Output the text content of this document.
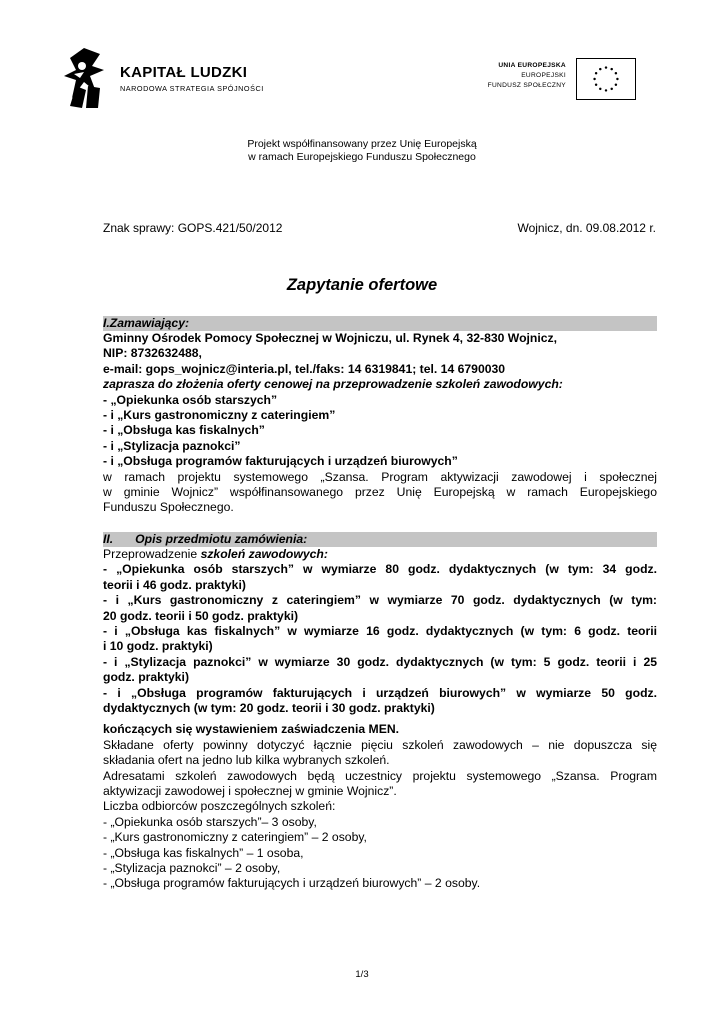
KAPITAŁ LUDZKI
NARODOWA STRATEGIA SPÓJNOŚCI
UNIA EUROPEJSKA
EUROPEJSKI
FUNDUSZ SPOŁECZNY
Projekt współfinansowany przez Unię Europejską
w ramach Europejskiego Funduszu Społecznego
Znak sprawy: GOPS.421/50/2012	Wojnicz, dn. 09.08.2012 r.
Zapytanie ofertowe
I.Zamawiający:

Gminny Ośrodek Pomocy Społecznej w Wojniczu, ul. Rynek 4, 32-830 Wojnicz,

NIP: 8732632488,

e-mail: gops_wojnicz@interia.pl, tel./faks: 14 6319841; tel. 14 6790030

zaprasza do złożenia oferty cenowej na przeprowadzenie szkoleń zawodowych:

- „Opiekunka osób starszych”

- i „Kurs gastronomiczny z cateringiem”

- i „Obsługa kas fiskalnych”

- i „Stylizacja paznokci”

- i „Obsługa programów fakturujących i urządzeń biurowych”

w ramach projektu systemowego „Szansa. Program aktywizacji zawodowej i społecznej

w gminie Wojnicz” współfinansowanego przez Unię Europejską w ramach Europejskiego

Funduszu Społecznego.

II. Opis przedmiotu zamówienia:

Przeprowadzenie szkoleń zawodowych:

- „Opiekunka osób starszych” w wymiarze 80 godz. dydaktycznych (w tym: 34 godz.

teorii i 46 godz. praktyki)

- i „Kurs gastronomiczny z cateringiem” w wymiarze 70 godz. dydaktycznych (w tym:

20 godz. teorii i 50 godz. praktyki)

- i „Obsługa kas fiskalnych” w wymiarze 16 godz. dydaktycznych (w tym: 6 godz. teorii

i 10 godz. praktyki)

- i „Stylizacja paznokci” w wymiarze 30 godz. dydaktycznych (w tym: 5 godz. teorii i 25

godz. praktyki)

- i „Obsługa programów fakturujących i urządzeń biurowych” w wymiarze 50 godz.

dydaktycznych (w tym: 20 godz. teorii i 30 godz. praktyki)

kończących się wystawieniem zaświadczenia MEN.

Składane oferty powinny dotyczyć łącznie pięciu szkoleń zawodowych – nie dopuszcza się

składania ofert na jedno lub kilka wybranych szkoleń.

Adresatami szkoleń zawodowych będą uczestnicy projektu systemowego „Szansa. Program

aktywizacji zawodowej i społecznej w gminie Wojnicz”.

Liczba odbiorców poszczególnych szkoleń:

- „Opiekunka osób starszych”– 3 osoby,

- „Kurs gastronomiczny z cateringiem” – 2 osoby,

- „Obsługa kas fiskalnych” – 1 osoba,

- „Stylizacja paznokci” – 2 osoby,

- „Obsługa programów fakturujących i urządzeń biurowych” – 2 osoby.

1/3
